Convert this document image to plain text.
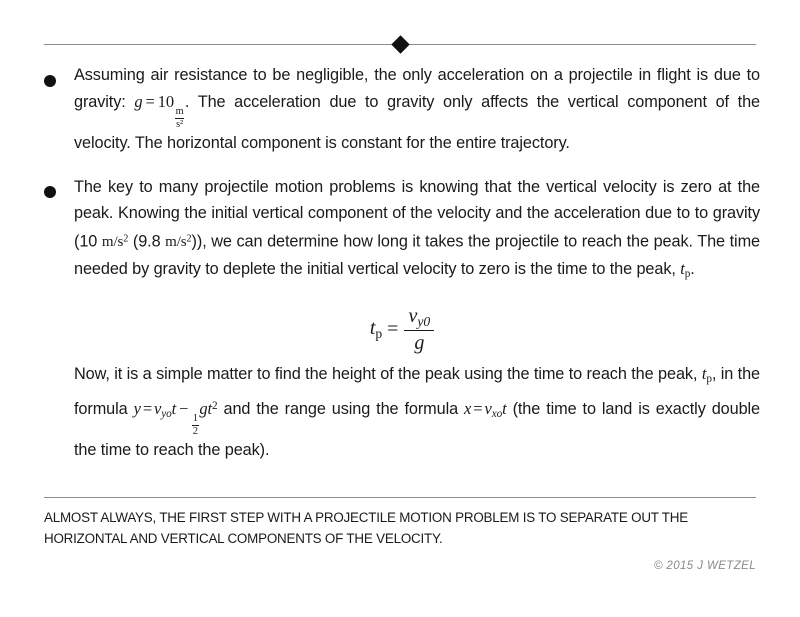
Assuming air resistance to be negligible, the only acceleration on a projectile in flight is due to gravity: g = 10
$\frac{m}{\text{s²}}$
. The acceleration due to gravity only affects the vertical component of the velocity. The horizontal component is constant for the entire trajectory.

The key to many projectile motion problems is knowing that the vertical velocity is zero at the peak. Knowing the initial vertical component of the velocity and the acceleration due to to gravity (10 $m/s^2$ (9.8 $m/s^2$)), we can determine how long it takes the projectile to reach the peak. The time needed by gravity to deplete the initial vertical velocity to zero is the time to the peak, $t_p$.

$t_p = \frac{v_{y0}}{g}$

Now, it is a simple matter to find the height of the peak using the time to reach the peak, $t_p$, in the formula $y = v_{yo}t$ −
$\frac{1}{2}$
$gt^2$ and the range using the formula $x = v_{xo}t$ (the time to land is exactly double the time to reach the peak).

ALMOST ALWAYS, THE FIRST STEP WITH A PROJECTILE MOTION PROBLEM IS TO SEPARATE OUT THE HORIZONTAL AND VERTICAL COMPONENTS OF THE VELOCITY.
© 2015 J WETZEL
